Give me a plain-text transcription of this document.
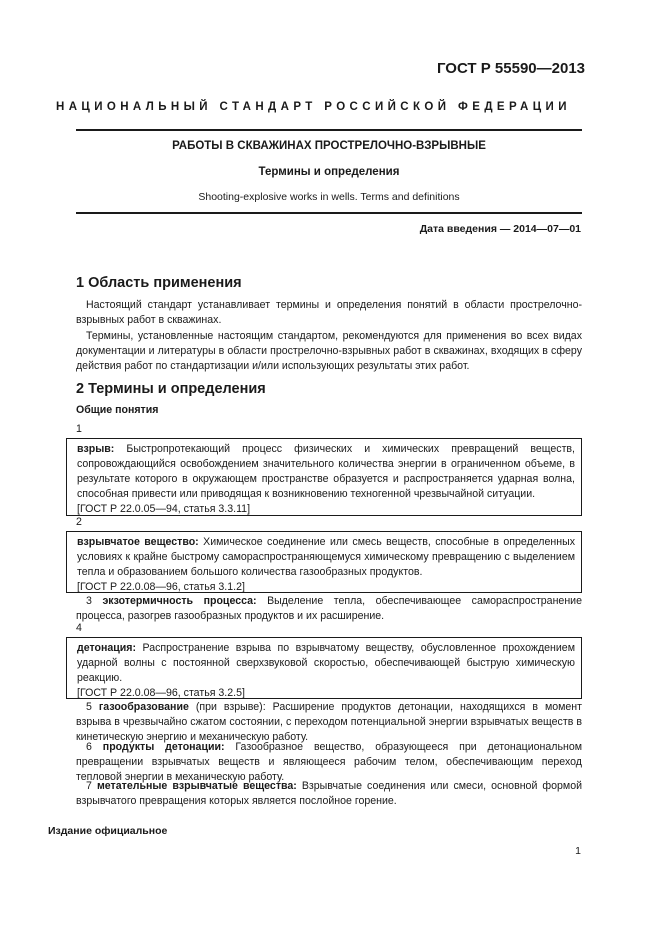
ГОСТ Р 55590—2013
НАЦИОНАЛЬНЫЙ СТАНДАРТ РОССИЙСКОЙ ФЕДЕРАЦИИ
РАБОТЫ В СКВАЖИНАХ ПРОСТРЕЛОЧНО-ВЗРЫВНЫЕ
Термины и определения
Shooting-explosive works in wells. Terms and definitions
Дата введения — 2014—07—01
1 Область применения

Настоящий стандарт устанавливает термины и определения понятий в области прострелочно-взрывных работ в скважинах.

Термины, установленные настоящим стандартом, рекомендуются для применения во всех видах документации и литературы в области прострелочно-взрывных работ в скважинах, входящих в сферу действия работ по стандартизации и/или использующих результаты этих работ.

2 Термины и определения
Общие понятия
1
взрыв: Быстропротекающий процесс физических и химических превращений веществ, сопровождающийся освобождением значительного количества энергии в ограниченном объеме, в результате которого в окружающем пространстве образуется и распространяется ударная волна, способная привести или приводящая к возникновению техногенной чрезвычайной ситуации.
[ГОСТ Р 22.0.05—94, статья 3.3.11]
2
взрывчатое вещество: Химическое соединение или смесь веществ, способные в определенных условиях к крайне быстрому самораспространяющемуся химическому превращению с выделением тепла и образованием большого количества газообразных продуктов.
[ГОСТ Р 22.0.08—96, статья 3.1.2]

3 экзотермичность процесса: Выделение тепла, обеспечивающее самораспространение процесса, разогрев газообразных продуктов и их расширение.

4
детонация: Распространение взрыва по взрывчатому веществу, обусловленное прохождением ударной волны с постоянной сверхзвуковой скоростью, обеспечивающей быструю химическую реакцию.
[ГОСТ Р 22.0.08—96, статья 3.2.5]

5 газообразование (при взрыве): Расширение продуктов детонации, находящихся в момент взрыва в чрезвычайно сжатом состоянии, с переходом потенциальной энергии взрывчатых веществ в кинетическую энергию и механическую работу.

6 продукты детонации: Газообразное вещество, образующееся при детонациональном превращении взрывчатых веществ и являющееся рабочим телом, обеспечивающим переход тепловой энергии в механическую работу.

7 метательные взрывчатые вещества: Взрывчатые соединения или смеси, основной формой взрывчатого превращения которых является послойное горение.

Издание официальное
1
